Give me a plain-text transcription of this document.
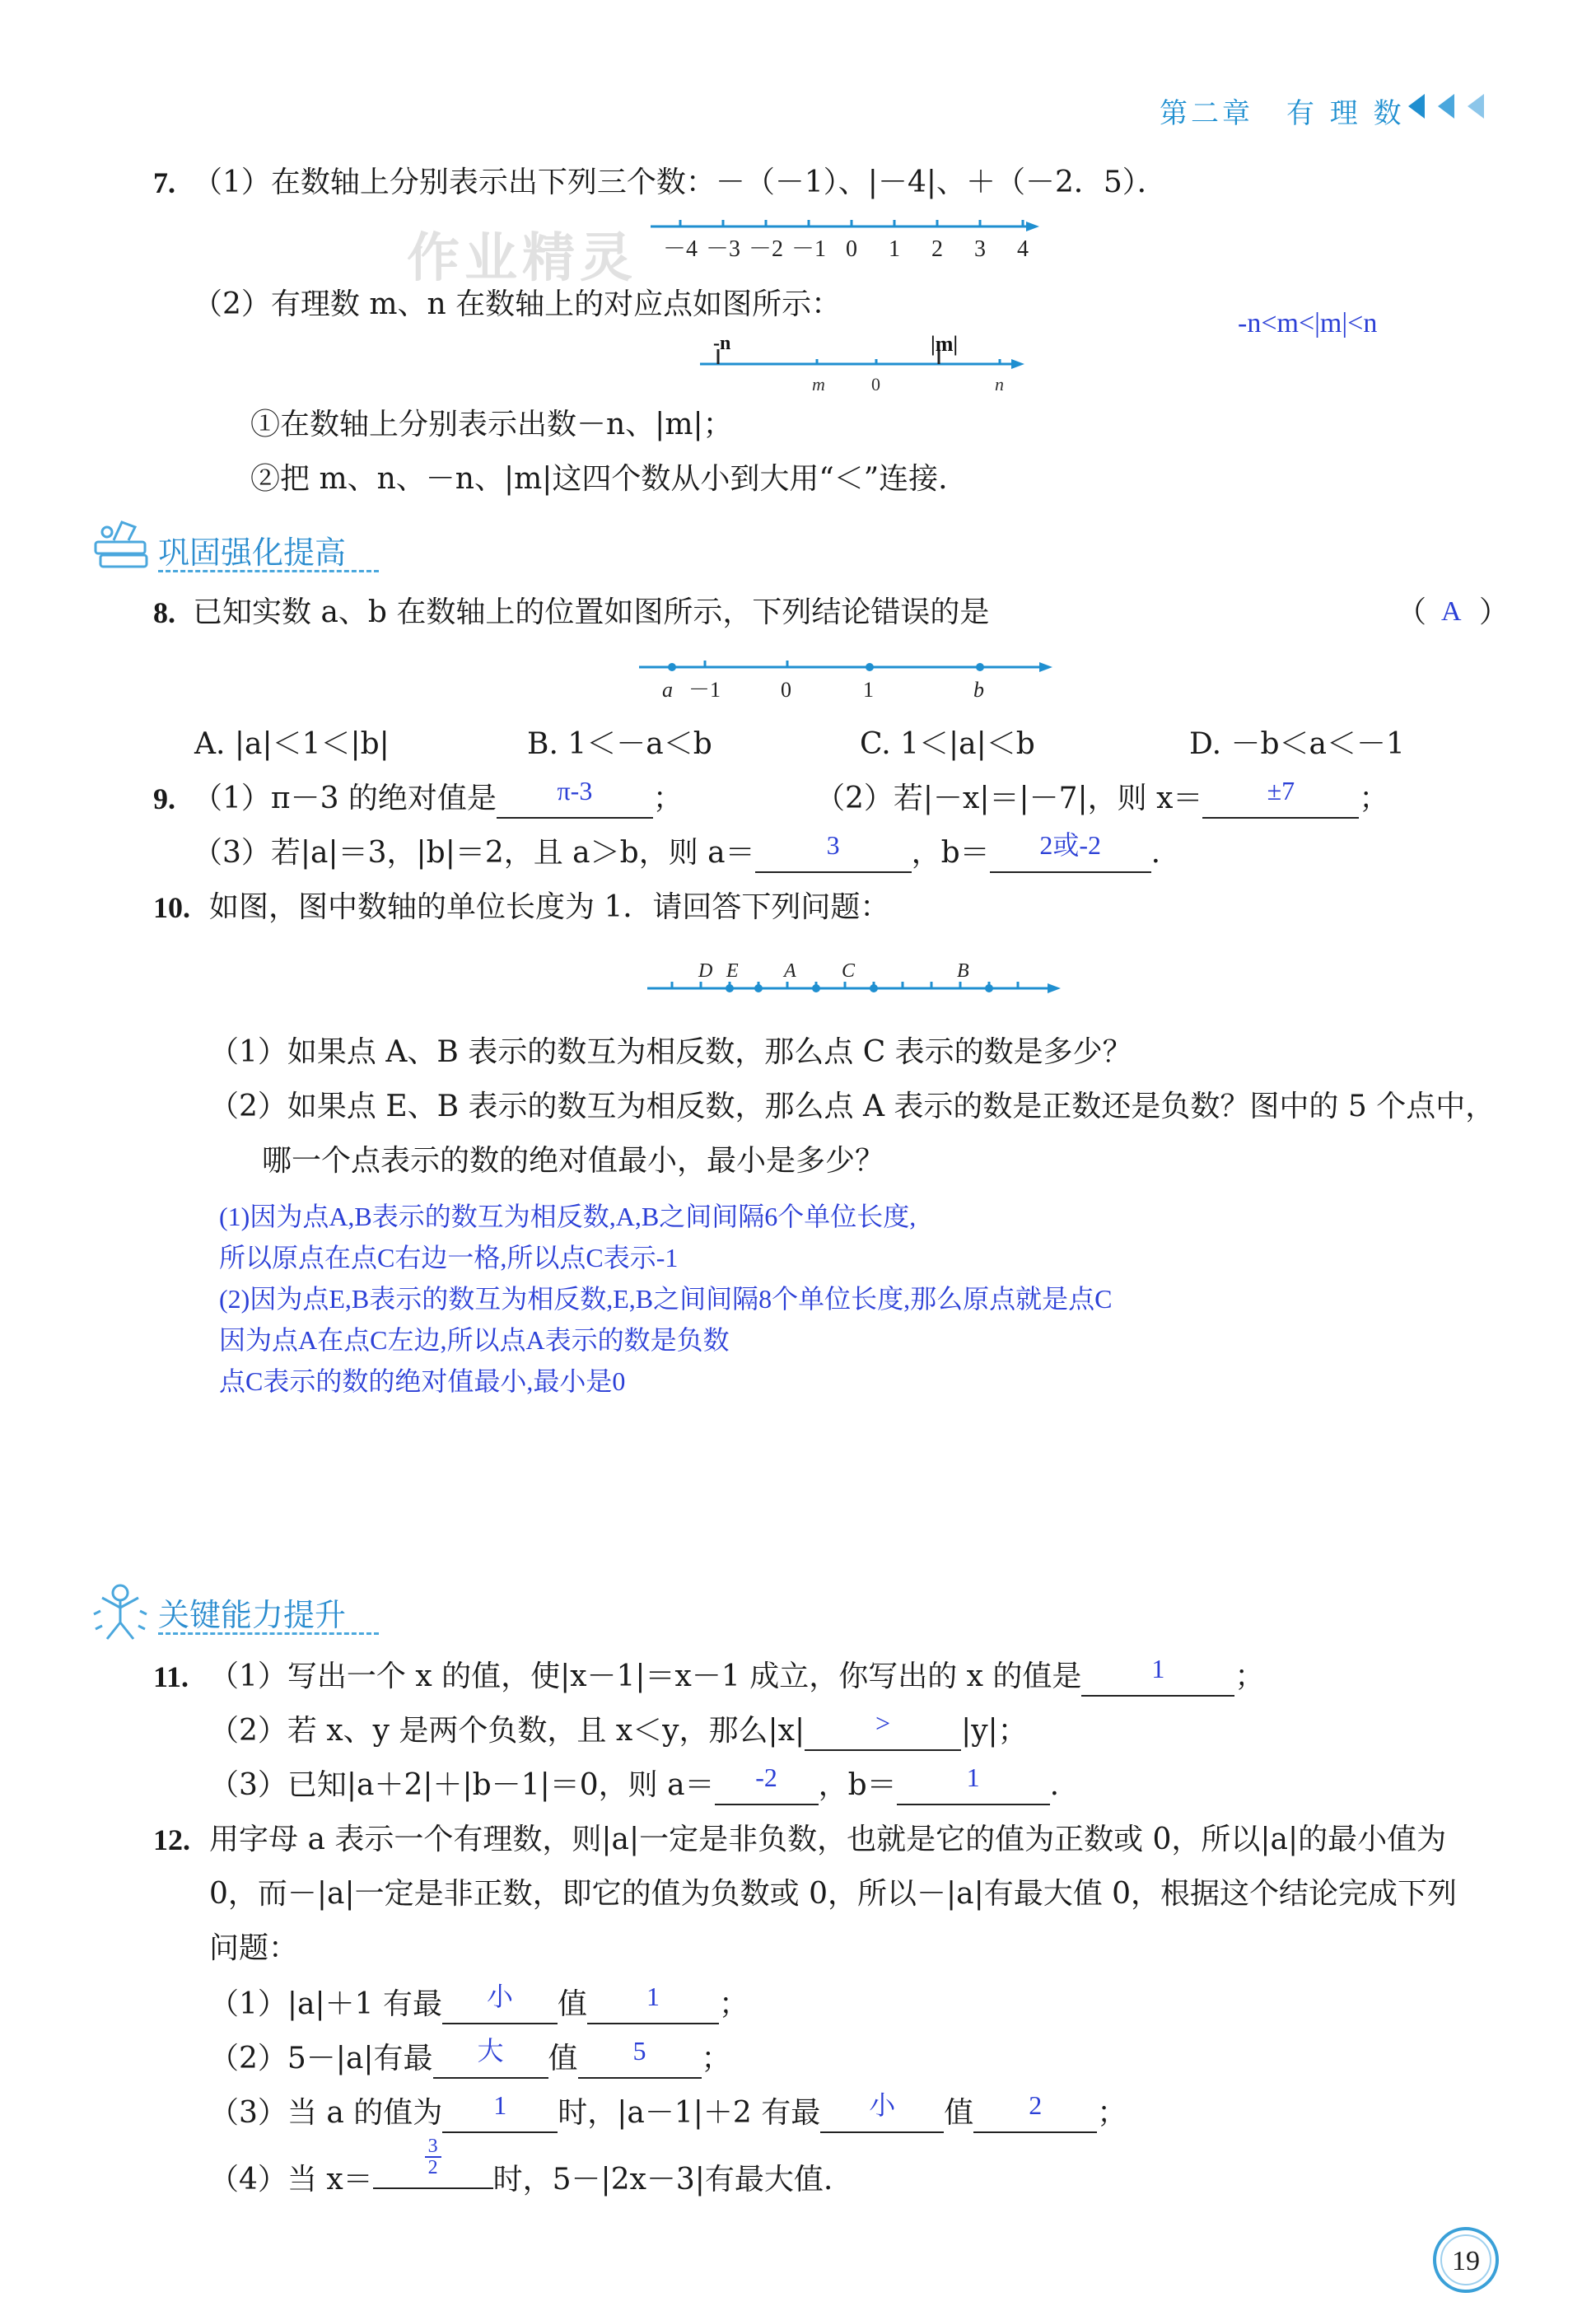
第二章 有 理 数
作业精灵
7. （1）在数轴上分别表示出下列三个数：－（－1）、|－4|、＋（－2．5）．
－4 －3 －2 －1 0 1 2 3 4
（2）有理数 m、n 在数轴上的对应点如图所示：
-n<m<|m|<n
-n	|m|
m	0	n
①在数轴上分别表示出数－n、|m|；
②把 m、n、－n、|m|这四个数从小到大用“＜”连接.
巩固强化提高
8. 已知实数 a、b 在数轴上的位置如图所示，下列结论错误的是	（ A ）
a －1	0	1	b
A. |a|＜1＜|b|	B. 1＜－a＜b	C. 1＜|a|＜b	D. －b＜a＜－1
9. （1）π－3 的绝对值是 π-3 ；	（2）若|－x|＝|－7|，则 x＝ ±7 ；
（3）若|a|＝3，|b|＝2，且 a＞b，则 a＝	3 ，b＝ 2或-2 .
10. 如图，图中数轴的单位长度为 1．请回答下列问题：
D E A C	B
（1）如果点 A、B 表示的数互为相反数，那么点 C 表示的数是多少？
（2）如果点 E、B 表示的数互为相反数，那么点 A 表示的数是正数还是负数？图中的 5 个点中，
哪一个点表示的数的绝对值最小，最小是多少？
(1)因为点A,B表示的数互为相反数,A,B之间间隔6个单位长度,
所以原点在点C右边一格,所以点C表示-1
(2)因为点E,B表示的数互为相反数,E,B之间间隔8个单位长度,那么原点就是点C
因为点A在点C左边,所以点A表示的数是负数
点C表示的数的绝对值最小,最小是0
关键能力提升
11. （1）写出一个 x 的值，使|x－1|＝x－1 成立，你写出的 x 的值是	1 ；
（2）若 x、y 是两个负数，且 x＜y，那么|x|	> |y|；
（3）已知|a＋2|＋|b－1|＝0，则 a＝ -2 ，b＝	1 .
12. 用字母 a 表示一个有理数，则|a|一定是非负数，也就是它的值为正数或 0，所以|a|的最小值为
0，而－|a|一定是非正数，即它的值为负数或 0，所以－|a|有最大值 0，根据这个结论完成下列
问题：
（1）|a|＋1 有最 小 值 1 ；
（2）5－|a|有最 大 值 5 ；
（3）当 a 的值为 1 时，|a－1|＋2 有最 小 值 2 ；
（4）当 x＝
$\frac{3}{2}$
时，5－|2x－3|有最大值.
19
